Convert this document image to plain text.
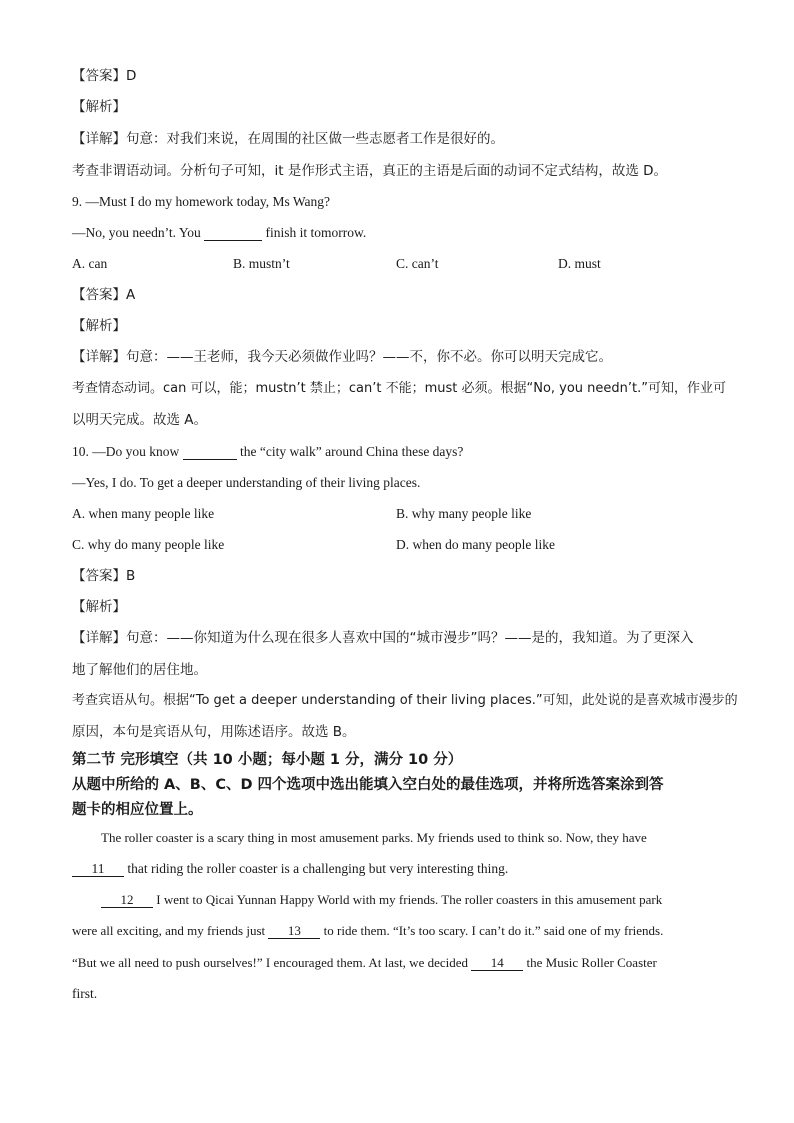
【答案】D
【解析】
【详解】句意：对我们来说，在周围的社区做一些志愿者工作是很好的。
考查非谓语动词。分析句子可知，it 是作形式主语，真正的主语是后面的动词不定式结构，故选 D。
9. —Must I do my homework today, Ms Wang?
—No, you needn’t. You	finish it tomorrow.
A. can	B. mustn’t	C. can’t	D. must
【答案】A
【解析】
【详解】句意：——王老师，我今天必须做作业吗？——不，你不必。你可以明天完成它。
考查情态动词。can 可以，能；mustn’t 禁止；can’t 不能；must 必须。根据“No, you needn’t.”可知，作业可
以明天完成。故选 A。
10. —Do you know	the “city walk” around China these days?
—Yes, I do. To get a deeper understanding of their living places.
A. when many people like	B. why many people like
C. why do many people like	D. when do many people like
【答案】B
【解析】
【详解】句意：——你知道为什么现在很多人喜欢中国的“城市漫步”吗？——是的，我知道。为了更深入
地了解他们的居住地。
考查宾语从句。根据“To get a deeper understanding of their living places.”可知，此处说的是喜欢城市漫步的
原因，本句是宾语从句，用陈述语序。故选 B。
第二节 完形填空（共 10 小题；每小题 1 分，满分 10 分）
从题中所给的 A、B、C、D 四个选项中选出能填入空白处的最佳选项，并将所选答案涂到答
题卡的相应位置上。
The roller coaster is a scary thing in most amusement parks. My friends used to think so. Now, they have
11 that riding the roller coaster is a challenging but very interesting thing.
12 I went to Qicai Yunnan Happy World with my friends. The roller coasters in this amusement park
were all exciting, and my friends just 13 to ride them. “It’s too scary. I can’t do it.” said one of my friends.
“But we all need to push ourselves!” I encouraged them. At last, we decided 14 the Music Roller Coaster
first.
